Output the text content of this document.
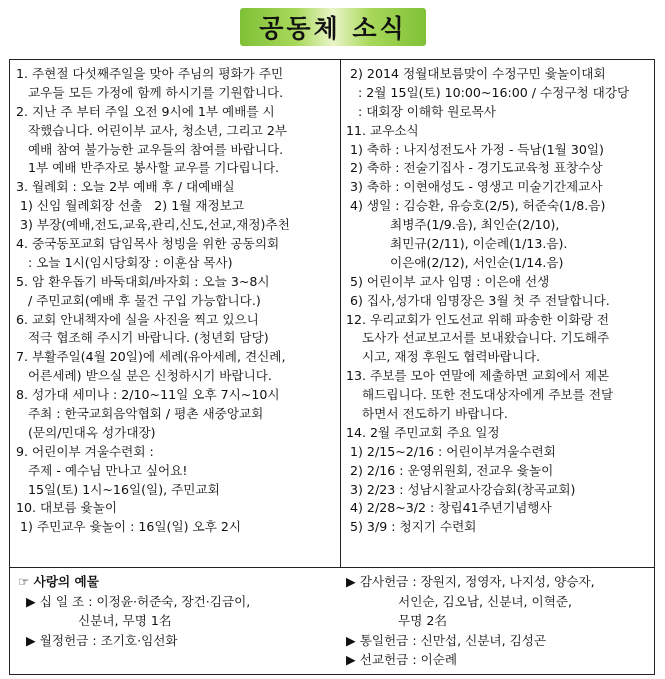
공동체 소식
1. 주현절 다섯째주일을 맞아 주님의 평화가 주민
교우들 모든 가정에 함께 하시기를 기원합니다.
2. 지난 주 부터 주일 오전 9시에 1부 예배를 시
작했습니다. 어린이부 교사, 청소년, 그리고 2부
예배 참여 불가능한 교우들의 참여를 바랍니다.
1부 예배 반주자로 봉사할 교우를 기다립니다.
3. 월례회 : 오늘 2부 예배 후 / 대예배실
1) 신임 월례회장 선출   2) 1월 재정보고
3) 부장(예배,전도,교육,관리,신도,선교,재정)추천
4. 중국동포교회 담임목사 청빙을 위한 공동의회
: 오늘 1시(임시당회장 : 이훈삼 목사)
5. 암 환우돕기 바둑대회/바자회 : 오늘 3~8시
/ 주민교회(예배 후 물건 구입 가능합니다.)
6. 교회 안내책자에 실을 사진을 찍고 있으니
적극 협조해 주시기 바랍니다. (청년회 담당)
7. 부활주일(4월 20일)에 세례(유아세례, 견신례,
어른세례) 받으실 분은 신청하시기 바랍니다.
8. 성가대 세미나 : 2/10~11일 오후 7시~10시
주최 : 한국교회음악협회 / 평촌 새중앙교회
(문의/민대옥 성가대장)
9. 어린이부 겨울수련회 :
주제 - 예수님 만나고 싶어요!
15일(토) 1시~16일(일), 주민교회
10. 대보름 윷놀이
1) 주민교우 윷놀이 : 16일(일) 오후 2시
2) 2014 정월대보름맞이 수정구민 윷놀이대회
: 2월 15일(토) 10:00~16:00 / 수정구청 대강당
: 대회장 이해학 원로목사
11. 교우소식
1) 축하 : 나지성전도사 가정 - 득남(1월 30일)
2) 축하 : 전술기집사 - 경기도교육청 표창수상
3) 축하 : 이현애성도 - 영생고 미술기간제교사
4) 생일 : 김승환, 유승호(2/5), 허준숙(1/8.음)
최병주(1/9.음), 최인순(2/10),
최민규(2/11), 이순례(1/13.음).
이은애(2/12), 서인순(1/14.음)
5) 어린이부 교사 임명 : 이은애 선생
6) 집사,성가대 임명장은 3월 첫 주 전달합니다.
12. 우리교회가 인도선교 위해 파송한 이화랑 전
도사가 선교보고서를 보내왔습니다. 기도해주
시고, 재정 후원도 협력바랍니다.
13. 주보를 모아 연말에 제출하면 교회에서 제본
해드립니다. 또한 전도대상자에게 주보를 전달
하면서 전도하기 바랍니다.
14. 2월 주민교회 주요 일정
1) 2/15~2/16 : 어린이부겨울수련회
2) 2/16 : 운영위원회, 전교우 윷놀이
3) 2/23 : 성남시찰교사강습회(창곡교회)
4) 2/28~3/2 : 창립41주년기념행사
5) 3/9 : 청지기 수련회
☞ 사랑의 예물
▶ 십 일 조 : 이정윤·허준숙, 장건·김금이,
신분녀, 무명 1名
▶ 월정헌금 : 조기호·임선화
▶ 감사헌금 : 장원지, 정영자, 나지성, 양승자,
서인순, 김오남, 신분녀, 이혁준,
무명 2名
▶ 통일헌금 : 신만섭, 신분녀, 김성곤
▶ 선교헌금 : 이순례
